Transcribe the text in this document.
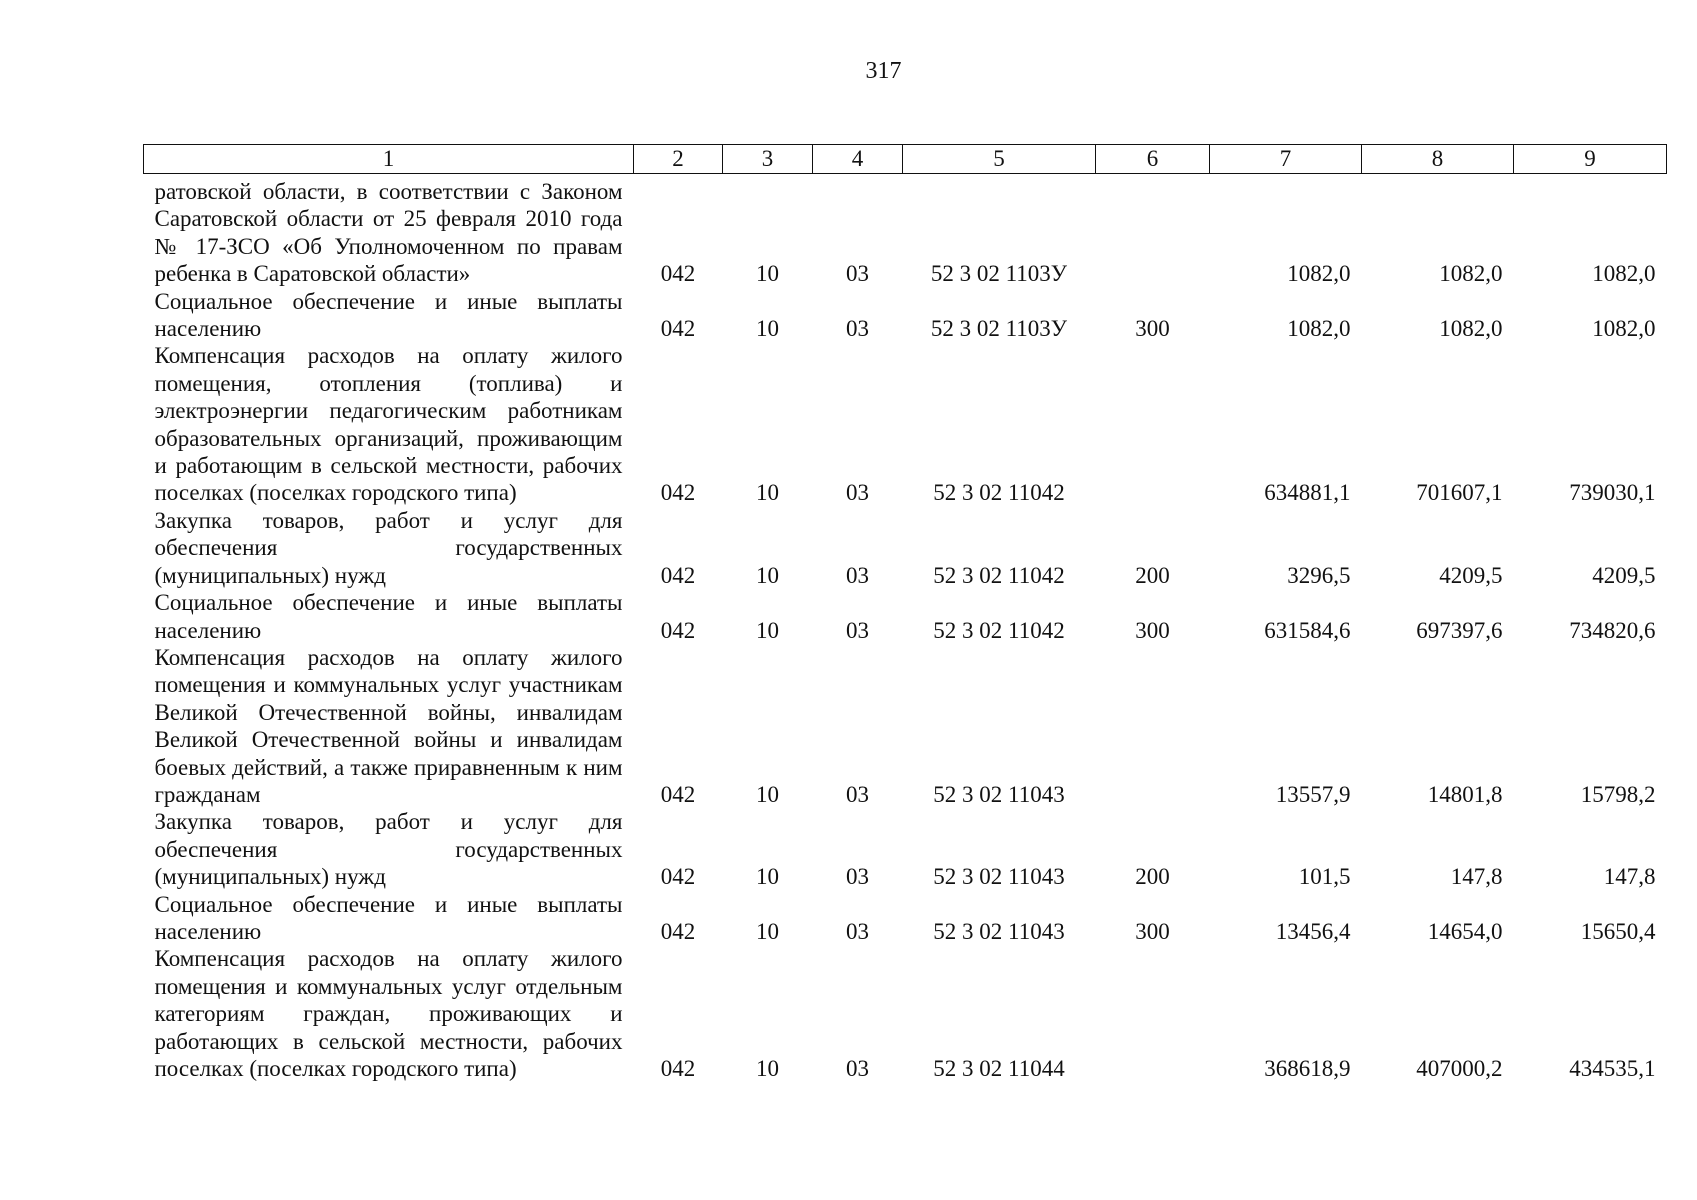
317
1	2	3	4	5	6	7	8	9
ратовской области, в соответствии с Законом Саратовской области от 25 февраля 2010 года № 17-ЗСО «Об Уполномоченном по правам ребенка в Саратовской области»	042	10	03	52 3 02 1103У		1082,0	1082,0	1082,0
Социальное обеспечение и иные выплаты населению	042	10	03	52 3 02 1103У	300	1082,0	1082,0	1082,0
Компенсация расходов на оплату жилого помещения, отопления (топлива) и электроэнергии педагогическим работникам образовательных организаций, проживающим и работающим в сельской местности, рабочих поселках (поселках городского типа)	042	10	03	52 3 02 11042		634881,1	701607,1	739030,1
Закупка товаров, работ и услуг для обеспечения государственных (муниципальных) нужд	042	10	03	52 3 02 11042	200	3296,5	4209,5	4209,5
Социальное обеспечение и иные выплаты населению	042	10	03	52 3 02 11042	300	631584,6	697397,6	734820,6
Компенсация расходов на оплату жилого помещения и коммунальных услуг участникам Великой Отечественной войны, инвалидам Великой Отечественной войны и инвалидам боевых действий, а также приравненным к ним гражданам	042	10	03	52 3 02 11043		13557,9	14801,8	15798,2
Закупка товаров, работ и услуг для обеспечения государственных (муниципальных) нужд	042	10	03	52 3 02 11043	200	101,5	147,8	147,8
Социальное обеспечение и иные выплаты населению	042	10	03	52 3 02 11043	300	13456,4	14654,0	15650,4
Компенсация расходов на оплату жилого помещения и коммунальных услуг отдельным категориям граждан, проживающих и работающих в сельской местности, рабочих поселках (поселках городского типа)	042	10	03	52 3 02 11044		368618,9	407000,2	434535,1
